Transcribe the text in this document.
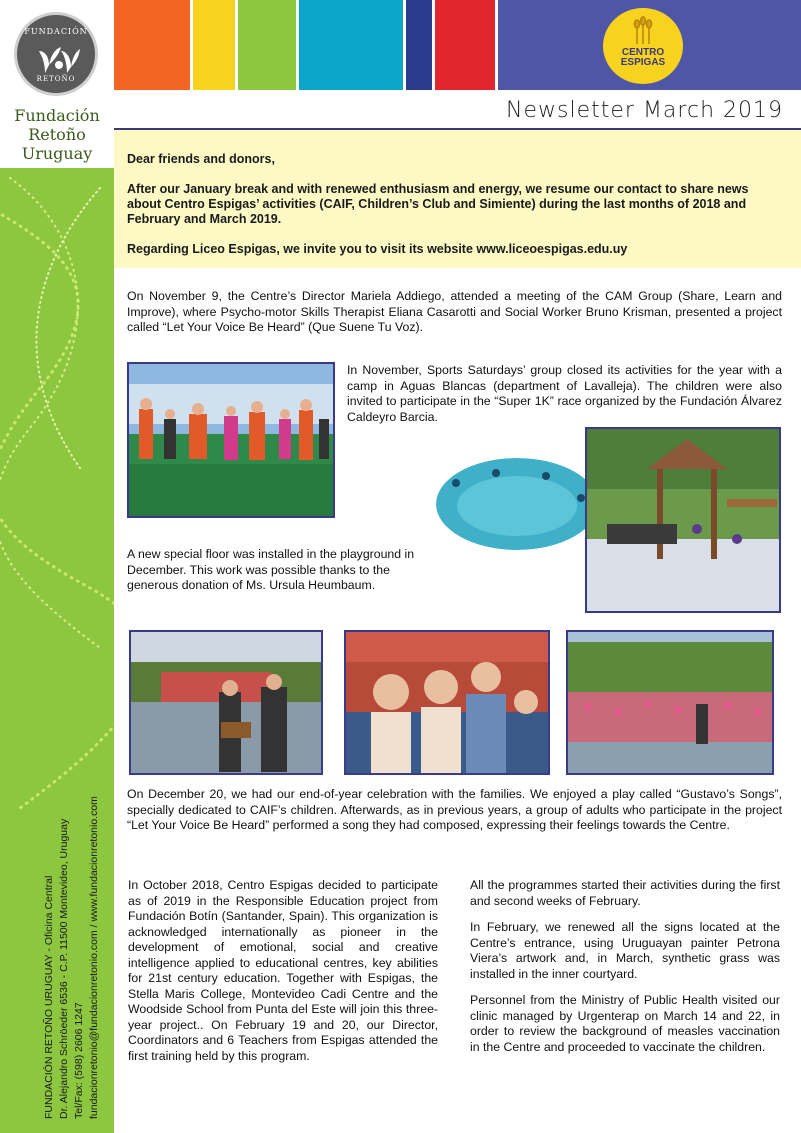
FUNDACIÓN
RETOÑO
Fundación
Retoño
Uruguay
FUNDACIÓN RETOÑO URUGUAY - Oficina Central Dr. Alejandro Schröeder 6536 - C.P. 11500 Montevideo, Uruguay Tel/Fax: (598) 2606 1247 fundacionretonio@fundacionretonio.com / www.fundacionretonio.com
CENTRO
ESPIGAS
Newsletter March 2019

Dear friends and donors,

After our January break and with renewed enthusiasm and energy, we resume our contact to share news about Centro Espigas’ activities (CAIF, Children’s Club and Simiente) during the last months of 2018 and February and March 2019.

Regarding Liceo Espigas, we invite you to visit its website www.liceoespigas.edu.uy

On November 9, the Centre’s Director Mariela Addiego, attended a meeting of the CAM Group (Share, Learn and Improve), where Psycho-motor Skills Therapist Eliana Casarotti and Social Worker Bruno Krisman, presented a project called “Let Your Voice Be Heard” (Que Suene Tu Voz).
In November, Sports Saturdays’ group closed its activities for the year with a camp in Aguas Blancas (department of Lavalleja). The children were also invited to participate in the “Super 1K” race organized by the Fundación Álvarez Caldeyro Barcia.
A new special floor was installed in the playground in December. This work was possible thanks to the generous donation of Ms. Ursula Heumbaum.
On December 20, we had our end-of-year celebration with the families. We enjoyed a play called “Gustavo’s Songs”, specially dedicated to CAIF’s children. Afterwards, as in previous years, a group of adults who participate in the project “Let Your Voice Be Heard” performed a song they had composed, expressing their feelings towards the Centre.
In October 2018, Centro Espigas decided to participate as of 2019 in the Responsible Education project from Fundación Botín (Santander, Spain). This organization is acknowledged internationally as pioneer in the development of emotional, social and creative intelligence applied to educational centres, key abilities for 21st century education. Together with Espigas, the Stella Maris College, Montevideo Cadi Centre and the Woodside School from Punta del Este will join this three-year project.. On February 19 and 20, our Director, Coordinators and 6 Teachers from Espigas attended the first training held by this program.
All the programmes started their activities during the first and second weeks of February.
In February, we renewed all the signs located at the Centre’s entrance, using Uruguayan painter Petrona Viera’s artwork and, in March, synthetic grass was installed in the inner courtyard.
Personnel from the Ministry of Public Health visited our clinic managed by Urgenterap on March 14 and 22, in order to review the background of measles vaccination in the Centre and proceeded to vaccinate the children.
